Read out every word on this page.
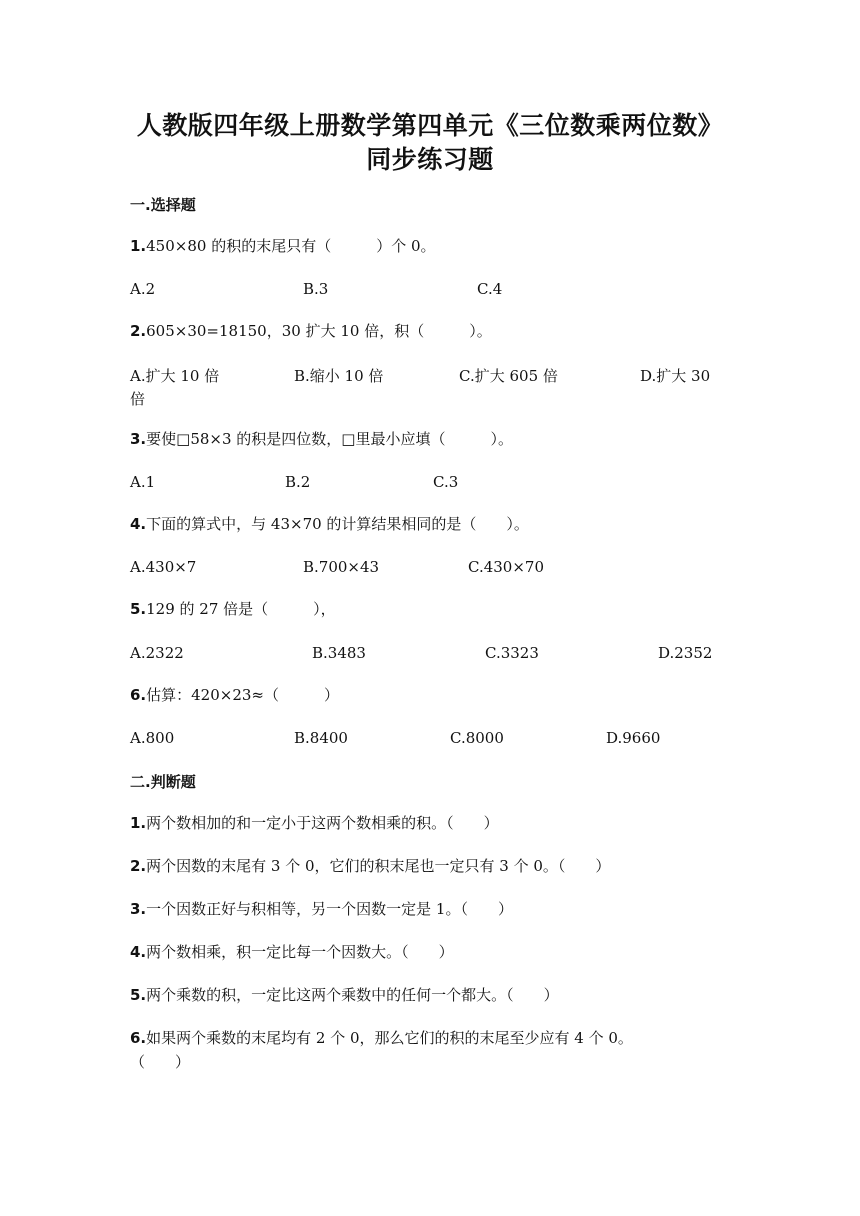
人教版四年级上册数学第四单元《三位数乘两位数》
同步练习题
一.选择题
1.450×80 的积的末尾只有（　　　）个 0。
A.2	B.3	C.4
2.605×30=18150，30 扩大 10 倍，积（　　　）。
A.扩大 10 倍	B.缩小 10 倍	C.扩大 605 倍	D.扩大 30
倍
3.要使□58×3 的积是四位数，□里最小应填（　　　）。
A.1	B.2	C.3
4.下面的算式中，与 43×70 的计算结果相同的是（　　）。
A.430×7	B.700×43	C.430×70
5.129 的 27 倍是（　　　），
A.2322	B.3483	C.3323	D.2352
6.估算：420×23≈（　　　）
A.800	B.8400	C.8000	D.9660
二.判断题
1.两个数相加的和一定小于这两个数相乘的积。（　　）
2.两个因数的末尾有 3 个 0，它们的积末尾也一定只有 3 个 0。（　　）
3.一个因数正好与积相等，另一个因数一定是 1。（　　）
4.两个数相乘，积一定比每一个因数大。（　　）
5.两个乘数的积，一定比这两个乘数中的任何一个都大。（　　）
6.如果两个乘数的末尾均有 2 个 0，那么它们的积的末尾至少应有 4 个 0。
（　　）
